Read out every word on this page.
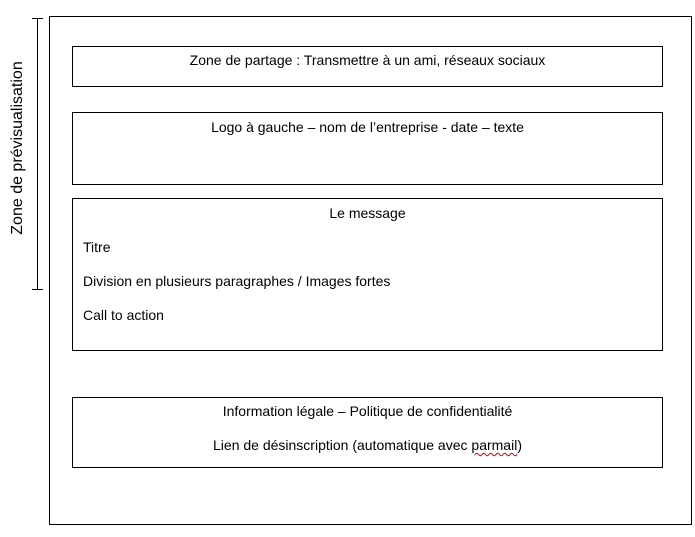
Zone de prévisualisation
Zone de partage : Transmettre à un ami, réseaux sociaux
Logo à gauche – nom de l’entreprise - date – texte
Le message
Titre
Division en plusieurs paragraphes / Images fortes
Call to action
Information légale – Politique de confidentialité
Lien de désinscription (automatique avec parmail)
